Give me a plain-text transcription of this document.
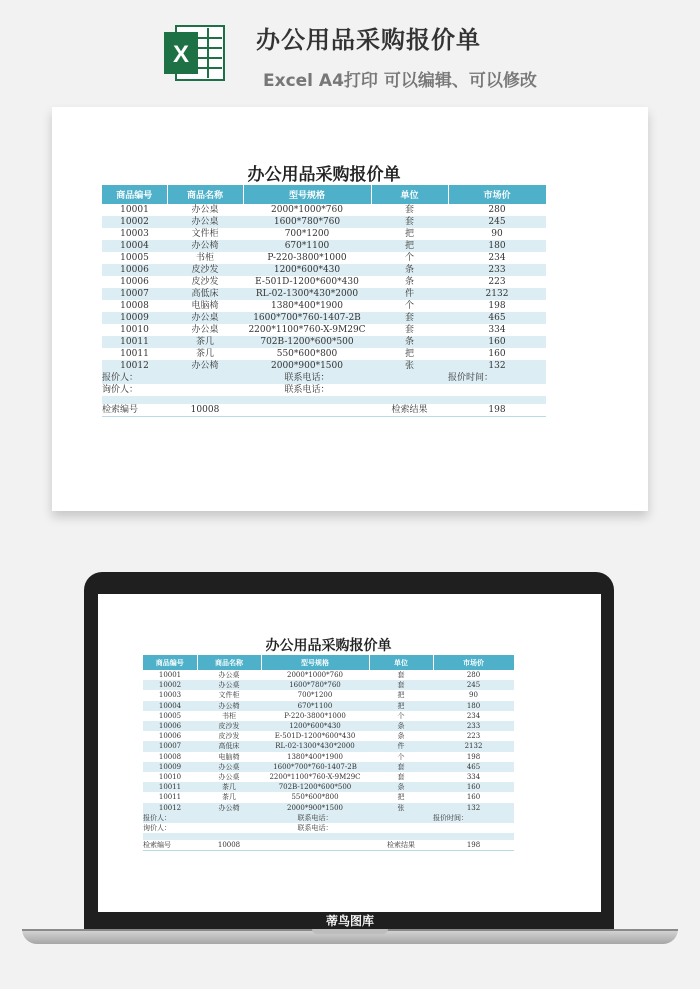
X
办公用品采购报价单
Excel A4打印 可以编辑、可以修改
办公用品采购报价单
商品编号	商品名称	型号规格	单位	市场价
10001	办公桌	2000*1000*760	套	280
10002	办公桌	1600*780*760	套	245
10003	文件柜	700*1200	把	90
10004	办公椅	670*1100	把	180
10005	书柜	P-220-3800*1000	个	234
10006	皮沙发	1200*600*430	条	233
10006	皮沙发	E-501D-1200*600*430	条	223
10007	高低床	RL-02-1300*430*2000	件	2132
10008	电脑椅	1380*400*1900	个	198
10009	办公桌	1600*700*760-1407-2B	套	465
10010	办公桌	2200*1100*760-X-9M29C	套	334
10011	茶几	702B-1200*600*500	条	160
10011	茶几	550*600*800	把	160
10012	办公椅	2000*900*1500	张	132
报价人：		联系电话：		报价时间：
询价人：		联系电话：		

检索编号	10008		检索结果	198
办公用品采购报价单
商品编号	商品名称	型号规格	单位	市场价
10001	办公桌	2000*1000*760	套	280
10002	办公桌	1600*780*760	套	245
10003	文件柜	700*1200	把	90
10004	办公椅	670*1100	把	180
10005	书柜	P-220-3800*1000	个	234
10006	皮沙发	1200*600*430	条	233
10006	皮沙发	E-501D-1200*600*430	条	223
10007	高低床	RL-02-1300*430*2000	件	2132
10008	电脑椅	1380*400*1900	个	198
10009	办公桌	1600*700*760-1407-2B	套	465
10010	办公桌	2200*1100*760-X-9M29C	套	334
10011	茶几	702B-1200*600*500	条	160
10011	茶几	550*600*800	把	160
10012	办公椅	2000*900*1500	张	132
报价人：		联系电话：		报价时间：
询价人：		联系电话：		

检索编号	10008		检索结果	198
蒂鸟图库
